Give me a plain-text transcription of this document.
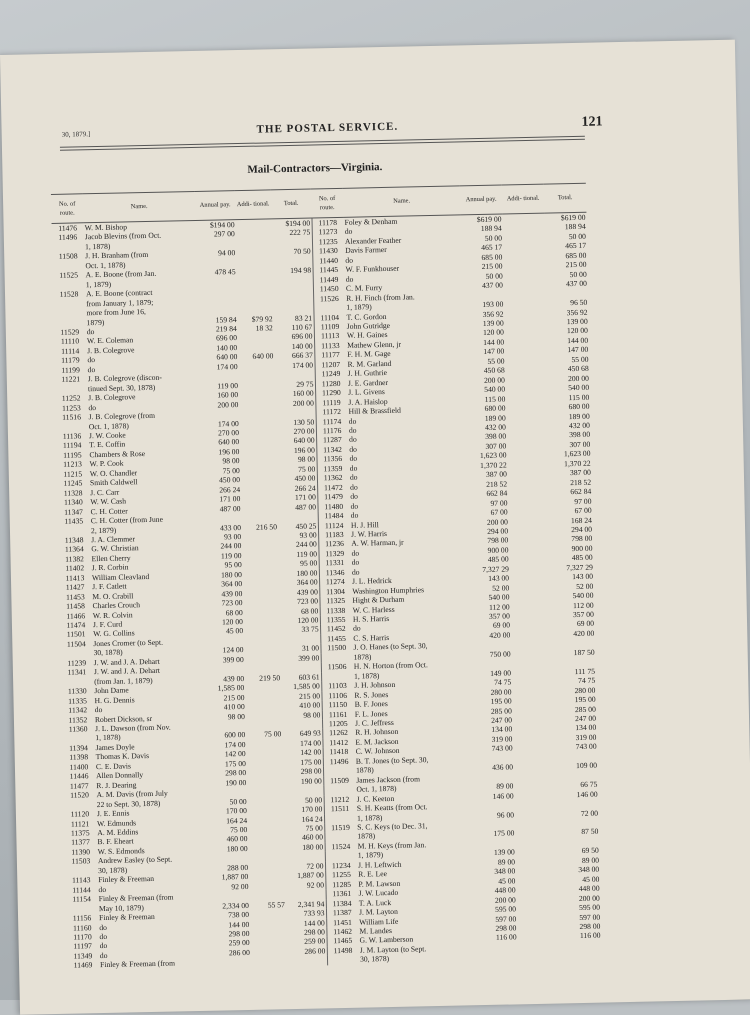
30, 1879.]	THE POSTAL SERVICE.	121
Mail-Contractors—Virginia.
No. of route.	Name.	Annual pay.	Addi- tional.	Total.	No. of route.	Name.	Annual pay.	Addi- tional.	Total.
11476	W. M. Bishop	$194 00		$194 00	11178	Foley & Denham	$619 00		$619 00
11496	Jacob Blevins (from Oct.	297 00		222 75	11273	do	188 94		188 94
	1, 1878)				11235	Alexander Feather	50 00		50 00
11508	J. H. Branham (from	94 00		70 50	11430	Davis Farmer	465 17		465 17
	Oct. 1, 1878)				11440	do	685 00		685 00
11525	A. E. Boone (from Jan.	478 45		194 98	11445	W. F. Funkhouser	215 00		215 00
	1, 1879)				11449	do	50 00		50 00
11528	A. E. Boone (contract				11450	C. M. Furry	437 00		437 00
	from January 1, 1879;				11526	R. H. Finch (from Jan.			
	more from June 16,					1, 1879)	193 00		96 50
	1879)	159 84	$79 92	83 21	11104	T. C. Gordon	356 92		356 92
11529	do	219 84	18 32	110 67	11109	John Gutridge	139 00		139 00
11110	W. E. Coleman	696 00		696 00	11113	W. H. Gaines	120 00		120 00
11114	J. B. Colegrove	140 00		140 00	11133	Mathew Glenn, jr	144 00		144 00
11179	do	640 00	640 00	666 37	11177	F. H. M. Gage	147 00		147 00
11199	do	174 00		174 00	11207	R. M. Garland	55 00		55 00
11221	J. B. Colegrove (discon-				11249	J. H. Guthrie	450 68		450 68
	tinued Sept. 30, 1878)	119 00		29 75	11280	J. E. Gardner	200 00		200 00
11252	J. B. Colegrove	160 00		160 00	11290	J. L. Givens	540 00		540 00
11253	do	200 00		200 00	11119	J. A. Haislop	115 00		115 00
11516	J. B. Colegrove (from				11172	Hill & Brassfield	680 00		680 00
	Oct. 1, 1878)	174 00		130 50	11174	do	189 00		189 00
11136	J. W. Cooke	270 00		270 00	11176	do	432 00		432 00
11194	T. E. Coffin	640 00		640 00	11287	do	398 00		398 00
11195	Chambers & Rose	196 00		196 00	11342	do	307 00		307 00
11213	W. P. Cook	98 00		98 00	11356	do	1,623 00		1,623 00
11215	W. O. Chandler	75 00		75 00	11359	do	1,370 22		1,370 22
11245	Smith Caldwell	450 00		450 00	11362	do	387 00		387 00
11328	J. C. Carr	266 24		266 24	11472	do	218 52		218 52
11340	W. W. Cash	171 00		171 00	11479	do	662 84		662 84
11347	C. H. Cotter	487 00		487 00	11480	do	97 00		97 00
11435	C. H. Cotter (from June				11484	do	67 00		67 00
	2, 1879)	433 00	216 50	450 25	11124	H. J. Hill	200 00		168 24
11348	J. A. Clemmer	93 00		93 00	11183	J. W. Harris	294 00		294 00
11364	G. W. Christian	244 00		244 00	11236	A. W. Harman, jr	798 00		798 00
11382	Ellen Cherry	119 00		119 00	11329	do	900 00		900 00
11402	J. R. Corbin	95 00		95 00	11331	do	485 00		485 00
11413	William Cleavland	180 00		180 00	11346	do	7,327 29		7,327 29
11427	J. F. Catlett	364 00		364 00	11274	J. L. Hedrick	143 00		143 00
11453	M. O. Crabill	439 00		439 00	11304	Washington Humphries	52 00		52 00
11458	Charles Crouch	723 00		723 00	11325	Hight & Durham	540 00		540 00
11466	W. R. Colvin	68 00		68 00	11338	W. C. Harless	112 00		112 00
11474	J. F. Curd	120 00		120 00	11355	H. S. Harris	357 00		357 00
11501	W. G. Collins	45 00		33 75	11452	do	69 00		69 00
11504	Jones Cromer (to Sept.				11455	C. S. Harris	420 00		420 00
	30, 1878)	124 00		31 00	11500	J. O. Hanes (to Sept. 30,			
11239	J. W. and J. A. Dehart	399 00		399 00		1878)	750 00		187 50
11341	J. W. and J. A. Dehart				11506	H. N. Horton (from Oct.			
	(from Jan. 1, 1879)	439 00	219 50	603 61		1, 1878)	149 00		111 75
11330	John Dame	1,585 00		1,585 00	11103	J. H. Johnson	74 75		74 75
11335	H. G. Dennis	215 00		215 00	11106	R. S. Jones	280 00		280 00
11342	do	410 00		410 00	11150	B. F. Jones	195 00		195 00
11352	Robert Dickson, sr	98 00		98 00	11161	F. L. Jones	285 00		285 00
11360	J. L. Dawson (from Nov.				11205	J. C. Jeffress	247 00		247 00
	1, 1878)	600 00	75 00	649 93	11262	R. H. Johnson	134 00		134 00
11394	James Doyle	174 00		174 00	11412	E. M. Jackson	319 00		319 00
11398	Thomas K. Davis	142 00		142 00	11418	C. W. Johnson	743 00		743 00
11400	C. E. Davis	175 00		175 00	11496	B. T. Jones (to Sept. 30,			
11446	Allen Donnally	298 00		298 00		1878)	436 00		109 00
11477	R. J. Dearing	190 00		190 00	11509	James Jackson (from			
11520	A. M. Davis (from July					Oct. 1, 1878)	89 00		66 75
	22 to Sept. 30, 1878)	50 00		50 00	11212	J. C. Keeton	146 00		146 00
11120	J. E. Ennis	170 00		170 00	11511	S. H. Keatts (from Oct.			
11121	W. Edmunds	164 24		164 24		1, 1878)	96 00		72 00
11375	A. M. Eddins	75 00		75 00	11519	S. C. Keys (to Dec. 31,			
11377	B. F. Eheart	460 00		460 00		1878)	175 00		87 50
11390	W. S. Edmonds	180 00		180 00	11524	M. H. Keys (from Jan.			
11503	Andrew Easley (to Sept.					1, 1879)	139 00		69 50
	30, 1878)	288 00		72 00	11234	J. H. Leftwich	89 00		89 00
11143	Finley & Freeman	1,887 00		1,887 00	11255	R. E. Lee	348 00		348 00
11144	do	92 00		92 00	11285	P. M. Lawson	45 00		45 00
11154	Finley & Freeman (from				11361	J. W. Lucado	448 00		448 00
	May 10, 1879)	2,334 00	55 57	2,341 94	11384	T. A. Luck	200 00		200 00
11156	Finley & Freeman	738 00		733 93	11387	J. M. Layton	595 00		595 00
11160	do	144 00		144 00	11451	William Life	597 00		597 00
11170	do	298 00		298 00	11462	M. Landes	298 00		298 00
11197	do	259 00		259 00	11465	G. W. Lamberson	116 00		116 00
11349	do	286 00		286 00	11498	J. M. Layton (to Sept.			
11469	Finley & Freeman (from					30, 1878)			
